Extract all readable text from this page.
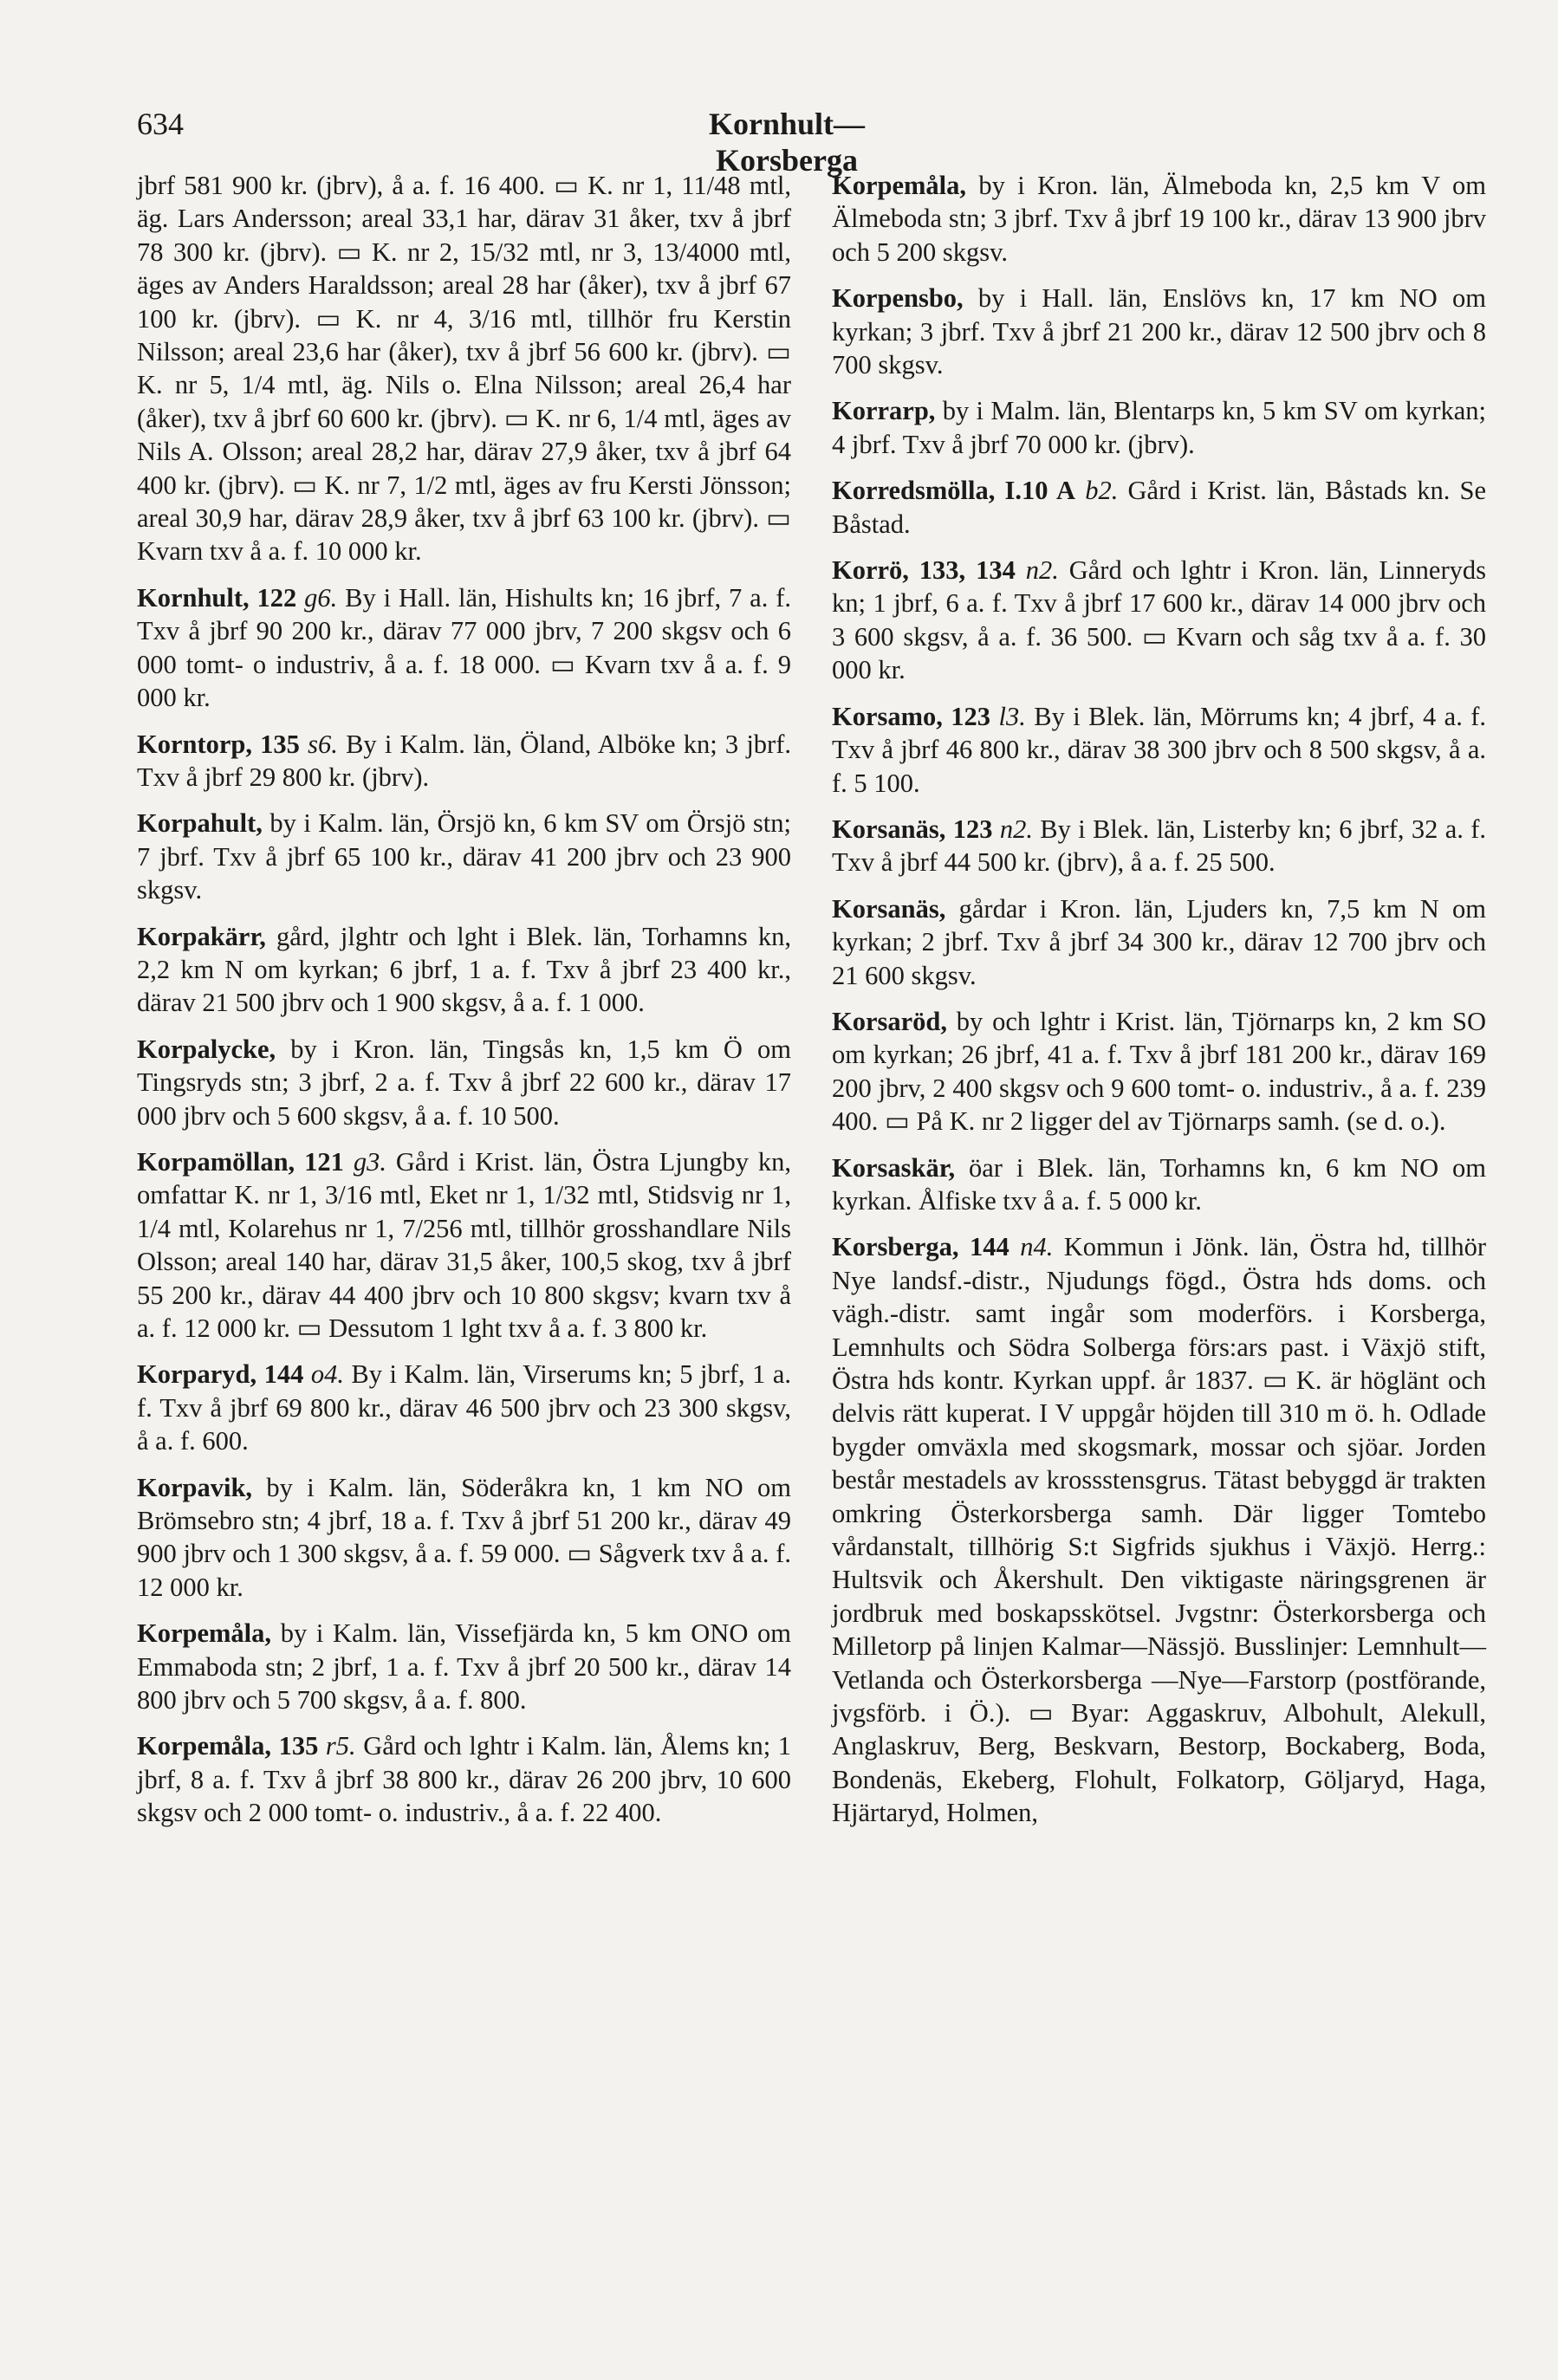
634	Kornhult—Korsberga

jbrf 581 900 kr. (jbrv), å a. f. 16 400. ▭ K. nr 1, 11/48 mtl, äg. Lars Andersson; areal 33,1 har, därav 31 åker, txv å jbrf 78 300 kr. (jbrv). ▭ K. nr 2, 15/32 mtl, nr 3, 13/4000 mtl, äges av Anders Haraldsson; areal 28 har (åker), txv å jbrf 67 100 kr. (jbrv). ▭ K. nr 4, 3/16 mtl, tillhör fru Kerstin Nilsson; areal 23,6 har (åker), txv å jbrf 56 600 kr. (jbrv). ▭ K. nr 5, 1/4 mtl, äg. Nils o. Elna Nilsson; areal 26,4 har (åker), txv å jbrf 60 600 kr. (jbrv). ▭ K. nr 6, 1/4 mtl, äges av Nils A. Olsson; areal 28,2 har, därav 27,9 åker, txv å jbrf 64 400 kr. (jbrv). ▭ K. nr 7, 1/2 mtl, äges av fru Kersti Jönsson; areal 30,9 har, därav 28,9 åker, txv å jbrf 63 100 kr. (jbrv). ▭ Kvarn txv å a. f. 10 000 kr.

Kornhult, 122 g6. By i Hall. län, Hishults kn; 16 jbrf, 7 a. f. Txv å jbrf 90 200 kr., därav 77 000 jbrv, 7 200 skgsv och 6 000 tomt- o industriv, å a. f. 18 000. ▭ Kvarn txv å a. f. 9 000 kr.

Korntorp, 135 s6. By i Kalm. län, Öland, Alböke kn; 3 jbrf. Txv å jbrf 29 800 kr. (jbrv).

Korpahult, by i Kalm. län, Örsjö kn, 6 km SV om Örsjö stn; 7 jbrf. Txv å jbrf 65 100 kr., därav 41 200 jbrv och 23 900 skgsv.

Korpakärr, gård, jlghtr och lght i Blek. län, Torhamns kn, 2,2 km N om kyrkan; 6 jbrf, 1 a. f. Txv å jbrf 23 400 kr., därav 21 500 jbrv och 1 900 skgsv, å a. f. 1 000.

Korpalycke, by i Kron. län, Tingsås kn, 1,5 km Ö om Tingsryds stn; 3 jbrf, 2 a. f. Txv å jbrf 22 600 kr., därav 17 000 jbrv och 5 600 skgsv, å a. f. 10 500.

Korpamöllan, 121 g3. Gård i Krist. län, Östra Ljungby kn, omfattar K. nr 1, 3/16 mtl, Eket nr 1, 1/32 mtl, Stidsvig nr 1, 1/4 mtl, Kolarehus nr 1, 7/256 mtl, tillhör grosshandlare Nils Olsson; areal 140 har, därav 31,5 åker, 100,5 skog, txv å jbrf 55 200 kr., därav 44 400 jbrv och 10 800 skgsv; kvarn txv å a. f. 12 000 kr. ▭ Dessutom 1 lght txv å a. f. 3 800 kr.

Korparyd, 144 o4. By i Kalm. län, Virserums kn; 5 jbrf, 1 a. f. Txv å jbrf 69 800 kr., därav 46 500 jbrv och 23 300 skgsv, å a. f. 600.

Korpavik, by i Kalm. län, Söderåkra kn, 1 km NO om Brömsebro stn; 4 jbrf, 18 a. f. Txv å jbrf 51 200 kr., därav 49 900 jbrv och 1 300 skgsv, å a. f. 59 000. ▭ Sågverk txv å a. f. 12 000 kr.

Korpemåla, by i Kalm. län, Vissefjärda kn, 5 km ONO om Emmaboda stn; 2 jbrf, 1 a. f. Txv å jbrf 20 500 kr., därav 14 800 jbrv och 5 700 skgsv, å a. f. 800.

Korpemåla, 135 r5. Gård och lghtr i Kalm. län, Ålems kn; 1 jbrf, 8 a. f. Txv å jbrf 38 800 kr., därav 26 200 jbrv, 10 600 skgsv och 2 000 tomt- o. industriv., å a. f. 22 400.

Korpemåla, by i Kron. län, Älmeboda kn, 2,5 km V om Älmeboda stn; 3 jbrf. Txv å jbrf 19 100 kr., därav 13 900 jbrv och 5 200 skgsv.

Korpensbo, by i Hall. län, Enslövs kn, 17 km NO om kyrkan; 3 jbrf. Txv å jbrf 21 200 kr., därav 12 500 jbrv och 8 700 skgsv.

Korrarp, by i Malm. län, Blentarps kn, 5 km SV om kyrkan; 4 jbrf. Txv å jbrf 70 000 kr. (jbrv).

Korredsmölla, I.10 A b2. Gård i Krist. län, Båstads kn. Se Båstad.

Korrö, 133, 134 n2. Gård och lghtr i Kron. län, Linneryds kn; 1 jbrf, 6 a. f. Txv å jbrf 17 600 kr., därav 14 000 jbrv och 3 600 skgsv, å a. f. 36 500. ▭ Kvarn och såg txv å a. f. 30 000 kr.

Korsamo, 123 l3. By i Blek. län, Mörrums kn; 4 jbrf, 4 a. f. Txv å jbrf 46 800 kr., därav 38 300 jbrv och 8 500 skgsv, å a. f. 5 100.

Korsanäs, 123 n2. By i Blek. län, Listerby kn; 6 jbrf, 32 a. f. Txv å jbrf 44 500 kr. (jbrv), å a. f. 25 500.

Korsanäs, gårdar i Kron. län, Ljuders kn, 7,5 km N om kyrkan; 2 jbrf. Txv å jbrf 34 300 kr., därav 12 700 jbrv och 21 600 skgsv.

Korsaröd, by och lghtr i Krist. län, Tjörnarps kn, 2 km SO om kyrkan; 26 jbrf, 41 a. f. Txv å jbrf 181 200 kr., därav 169 200 jbrv, 2 400 skgsv och 9 600 tomt- o. industriv., å a. f. 239 400. ▭ På K. nr 2 ligger del av Tjörnarps samh. (se d. o.).

Korsaskär, öar i Blek. län, Torhamns kn, 6 km NO om kyrkan. Ålfiske txv å a. f. 5 000 kr.

Korsberga, 144 n4. Kommun i Jönk. län, Östra hd, tillhör Nye landsf.-distr., Njudungs fögd., Östra hds doms. och vägh.-distr. samt ingår som moderförs. i Korsberga, Lemnhults och Södra Solberga förs:ars past. i Växjö stift, Östra hds kontr. Kyrkan uppf. år 1837. ▭ K. är höglänt och delvis rätt kuperat. I V uppgår höjden till 310 m ö. h. Odlade bygder omväxla med skogsmark, mossar och sjöar. Jorden består mestadels av krossstensgrus. Tätast bebyggd är trakten omkring Österkorsberga samh. Där ligger Tomtebo vårdanstalt, tillhörig S:t Sigfrids sjukhus i Växjö. Herrg.: Hultsvik och Åkershult. Den viktigaste näringsgrenen är jordbruk med boskapsskötsel. Jvgstnr: Österkorsberga och Milletorp på linjen Kalmar—Nässjö. Busslinjer: Lemnhult—Vetlanda och Österkorsberga —Nye—Farstorp (postförande, jvgsförb. i Ö.). ▭ Byar: Aggaskruv, Albohult, Alekull, Anglaskruv, Berg, Beskvarn, Bestorp, Bockaberg, Boda, Bondenäs, Ekeberg, Flohult, Folkatorp, Göljaryd, Haga, Hjärtaryd, Holmen,
